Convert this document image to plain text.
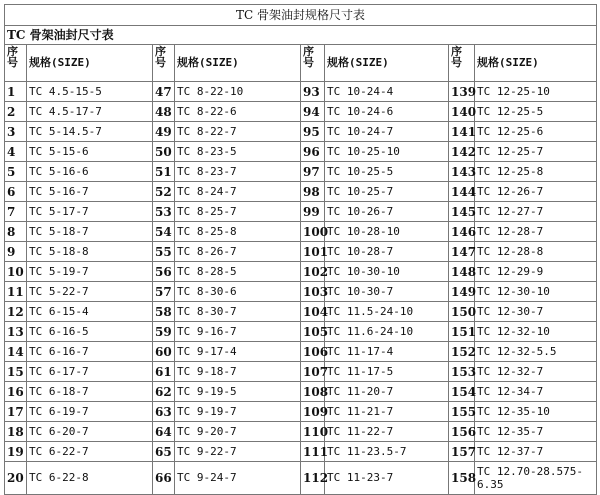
TC 骨架油封规格尺寸表							
TC 骨架油封尺寸表							
序号	规格(SIZE)	序号	规格(SIZE)	序号	规格(SIZE)	序号	规格(SIZE)
1	TC 4.5-15-5	47	TC 8-22-10	93	TC 10-24-4	139	TC 12-25-10
2	TC 4.5-17-7	48	TC 8-22-6	94	TC 10-24-6	140	TC 12-25-5
3	TC 5-14.5-7	49	TC 8-22-7	95	TC 10-24-7	141	TC 12-25-6
4	TC 5-15-6	50	TC 8-23-5	96	TC 10-25-10	142	TC 12-25-7
5	TC 5-16-6	51	TC 8-23-7	97	TC 10-25-5	143	TC 12-25-8
6	TC 5-16-7	52	TC 8-24-7	98	TC 10-25-7	144	TC 12-26-7
7	TC 5-17-7	53	TC 8-25-7	99	TC 10-26-7	145	TC 12-27-7
8	TC 5-18-7	54	TC 8-25-8	100	TC 10-28-10	146	TC 12-28-7
9	TC 5-18-8	55	TC 8-26-7	101	TC 10-28-7	147	TC 12-28-8
10	TC 5-19-7	56	TC 8-28-5	102	TC 10-30-10	148	TC 12-29-9
11	TC 5-22-7	57	TC 8-30-6	103	TC 10-30-7	149	TC 12-30-10
12	TC 6-15-4	58	TC 8-30-7	104	TC 11.5-24-10	150	TC 12-30-7
13	TC 6-16-5	59	TC 9-16-7	105	TC 11.6-24-10	151	TC 12-32-10
14	TC 6-16-7	60	TC 9-17-4	106	TC 11-17-4	152	TC 12-32-5.5
15	TC 6-17-7	61	TC 9-18-7	107	TC 11-17-5	153	TC 12-32-7
16	TC 6-18-7	62	TC 9-19-5	108	TC 11-20-7	154	TC 12-34-7
17	TC 6-19-7	63	TC 9-19-7	109	TC 11-21-7	155	TC 12-35-10
18	TC 6-20-7	64	TC 9-20-7	110	TC 11-22-7	156	TC 12-35-7
19	TC 6-22-7	65	TC 9-22-7	111	TC 11-23.5-7	157	TC 12-37-7
20	TC 6-22-8	66	TC 9-24-7	112	TC 11-23-7	158	TC 12.70-28.575-6.35
